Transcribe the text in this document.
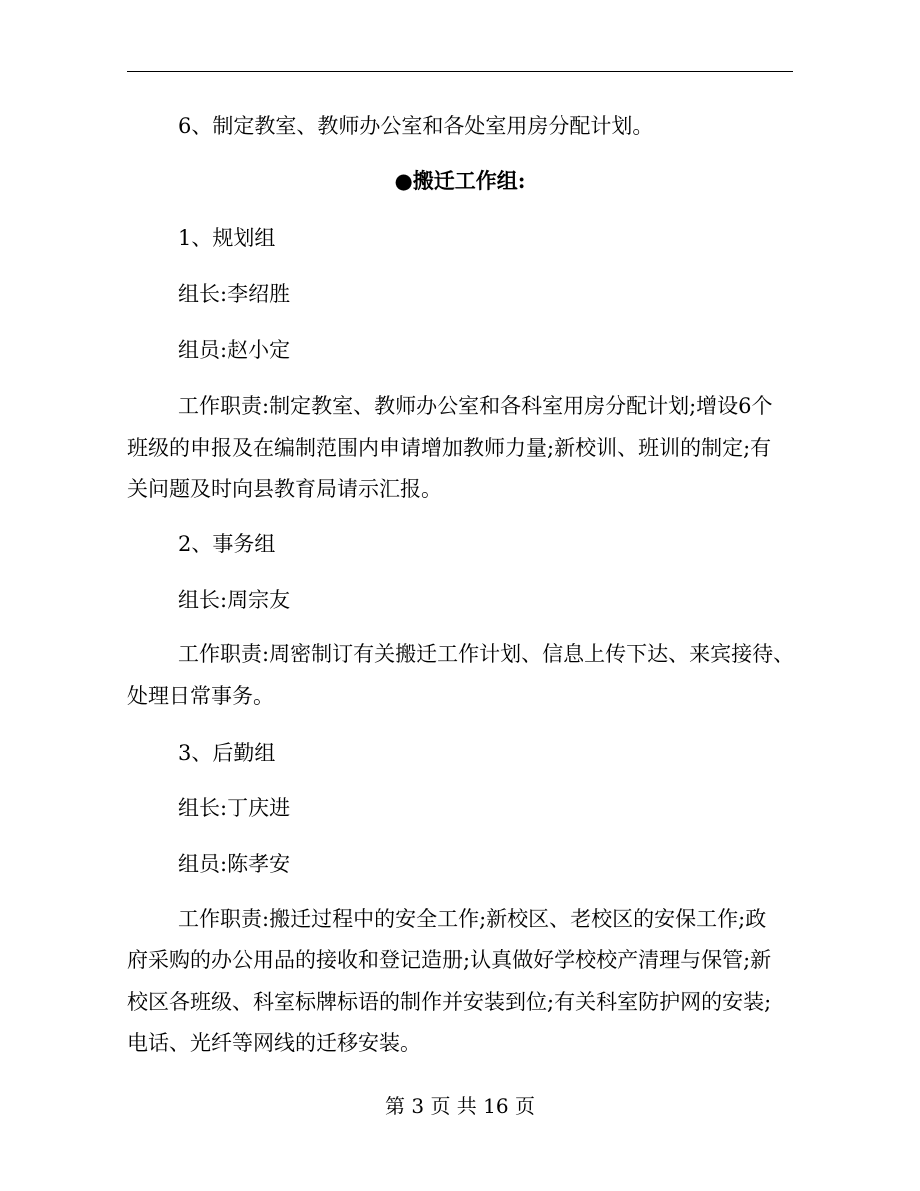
6、制定教室、教师办公室和各处室用房分配计划。
●搬迁工作组:
1、规划组
组长:李绍胜
组员:赵小定
工作职责:制定教室、教师办公室和各科室用房分配计划;增设6个
班级的申报及在编制范围内申请增加教师力量;新校训、班训的制定;有
关问题及时向县教育局请示汇报。
2、事务组
组长:周宗友
工作职责:周密制订有关搬迁工作计划、信息上传下达、来宾接待、
处理日常事务。
3、后勤组
组长:丁庆进
组员:陈孝安
工作职责:搬迁过程中的安全工作;新校区、老校区的安保工作;政
府采购的办公用品的接收和登记造册;认真做好学校校产清理与保管;新
校区各班级、科室标牌标语的制作并安装到位;有关科室防护网的安装;
电话、光纤等网线的迁移安装。
第 3 页 共 16 页
